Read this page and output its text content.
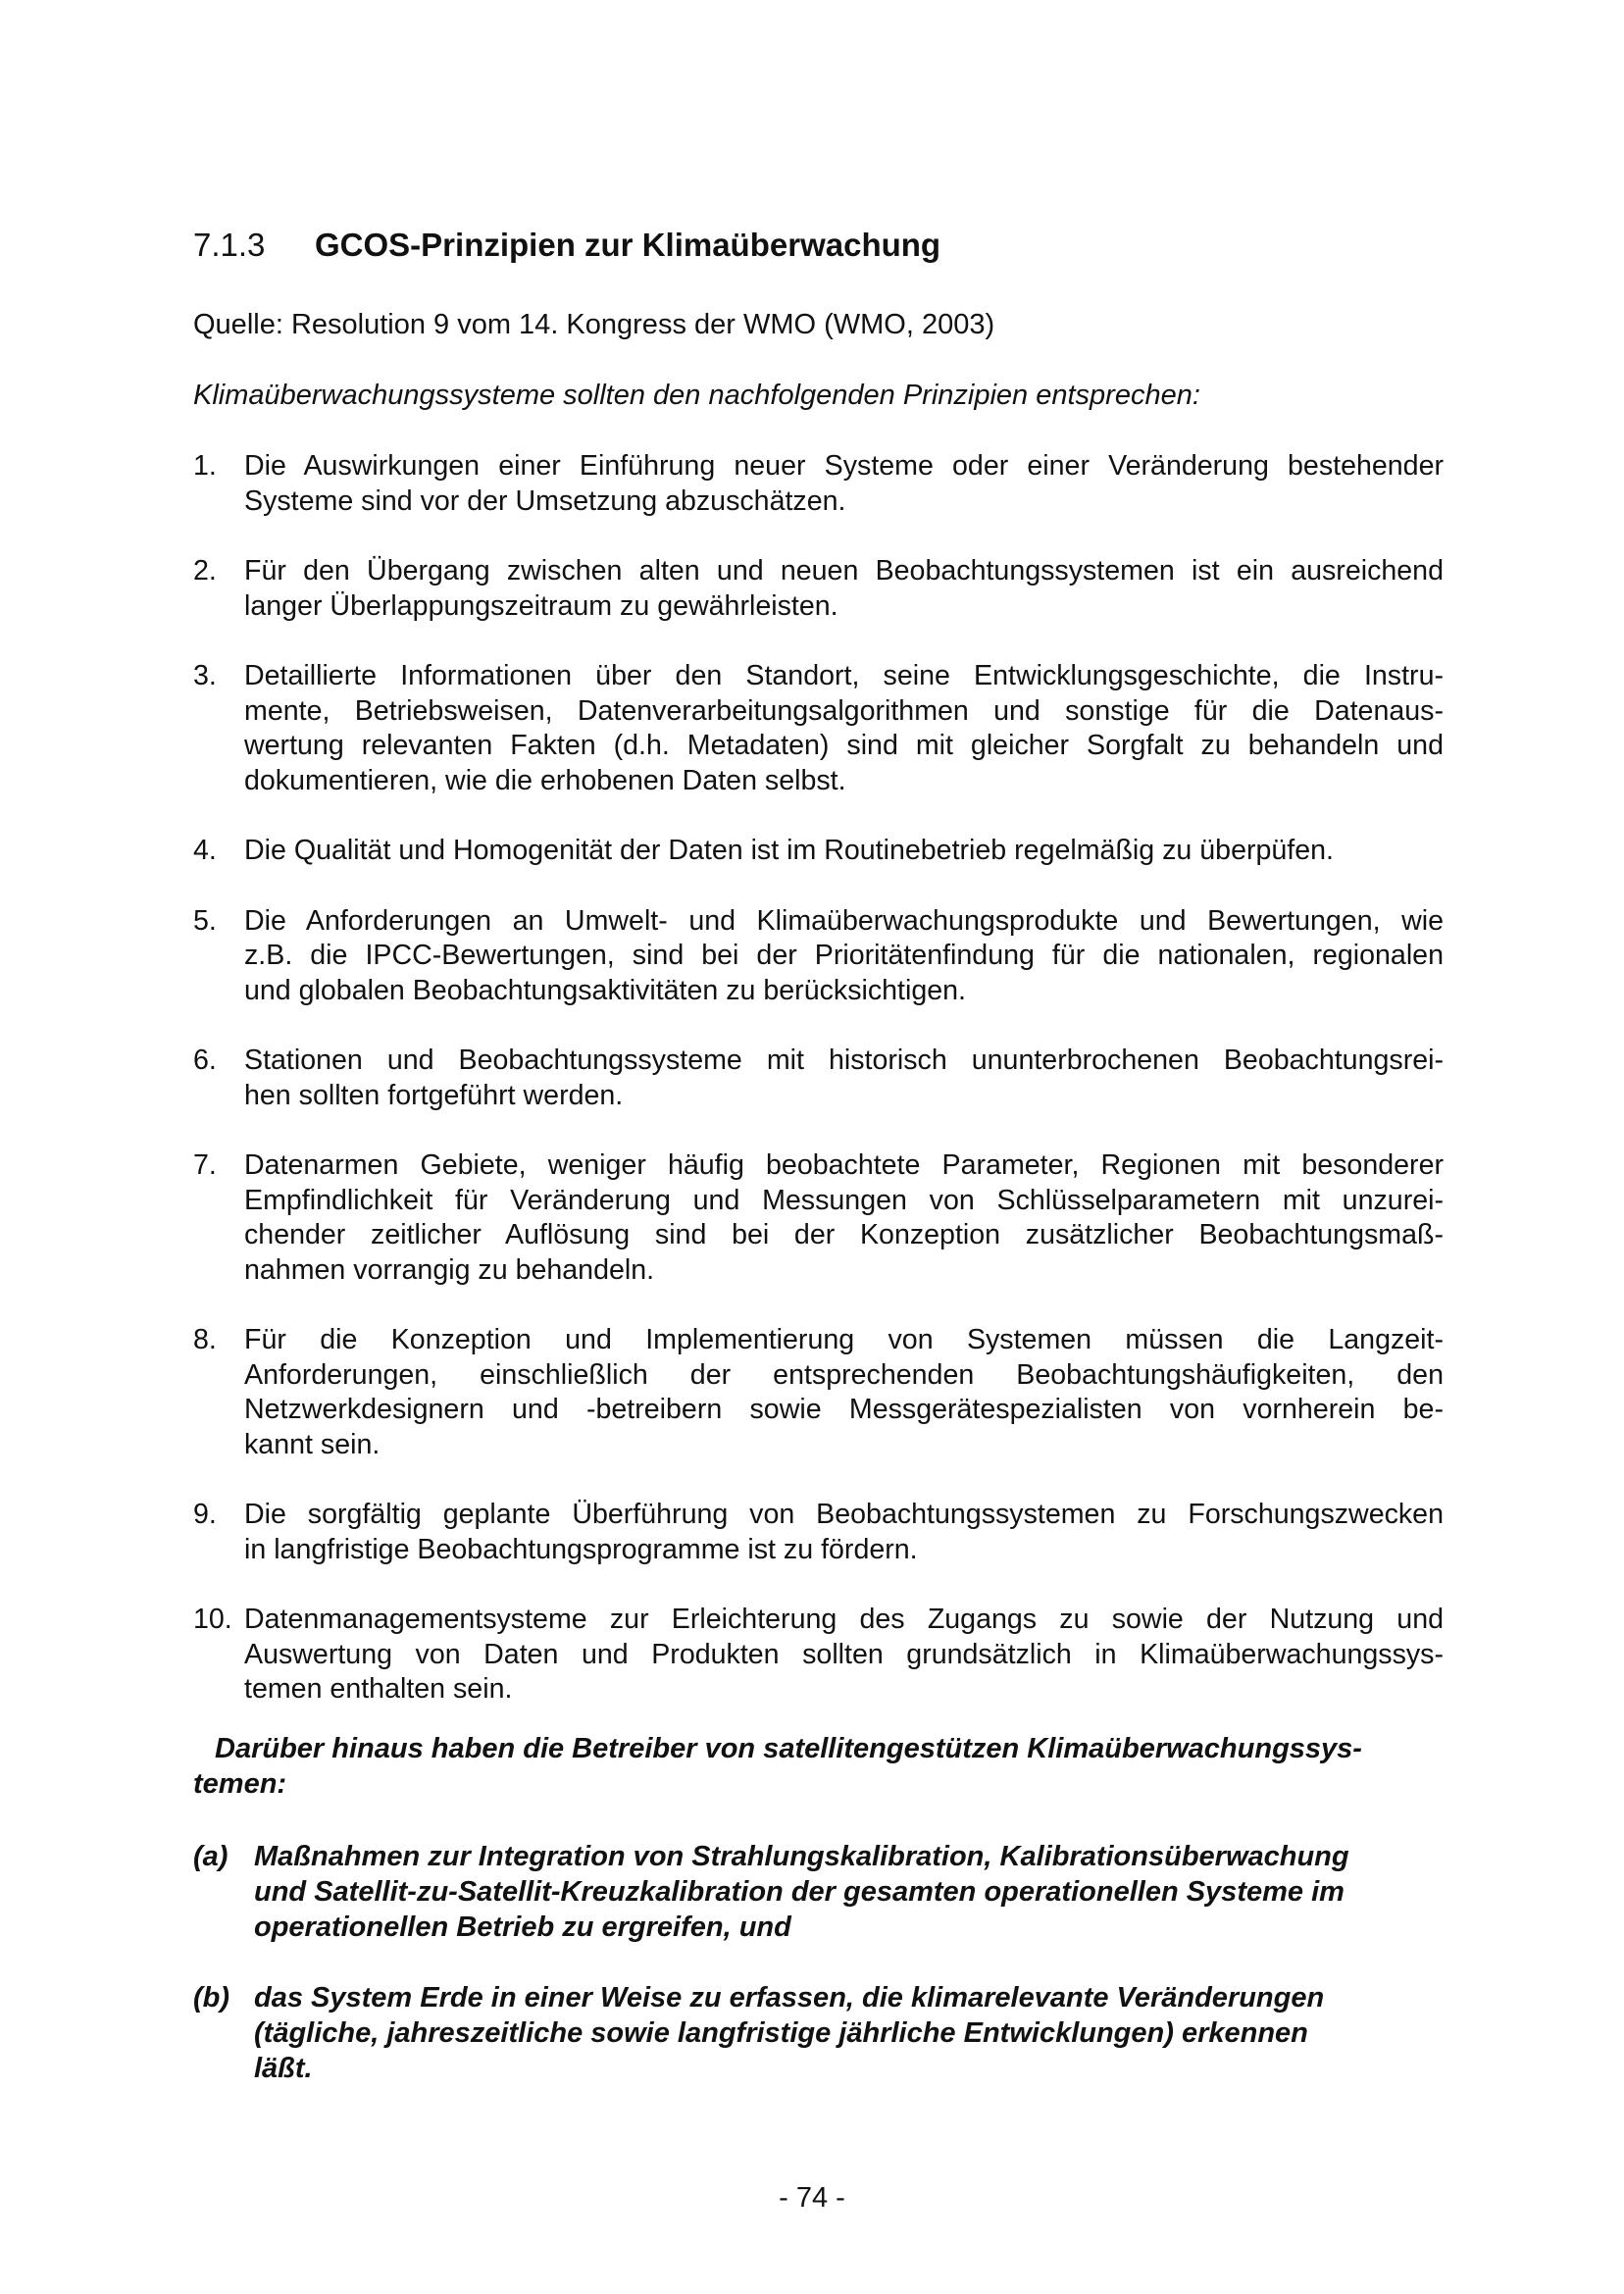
7.1.3 GCOS-Prinzipien zur Klimaüberwachung
Quelle: Resolution 9 vom 14. Kongress der WMO (WMO, 2003)
Klimaüberwachungssysteme sollten den nachfolgenden Prinzipien entsprechen:
1. Die Auswirkungen einer Einführung neuer Systeme oder einer Veränderung bestehender
Systeme sind vor der Umsetzung abzuschätzen.
2. Für den Übergang zwischen alten und neuen Beobachtungssystemen ist ein ausreichend
langer Überlappungszeitraum zu gewährleisten.
3. Detaillierte Informationen über den Standort, seine Entwicklungsgeschichte, die Instru-
mente, Betriebsweisen, Datenverarbeitungsalgorithmen und sonstige für die Datenaus-
wertung relevanten Fakten (d.h. Metadaten) sind mit gleicher Sorgfalt zu behandeln und
dokumentieren, wie die erhobenen Daten selbst.
4. Die Qualität und Homogenität der Daten ist im Routinebetrieb regelmäßig zu überpüfen.
5. Die Anforderungen an Umwelt- und Klimaüberwachungsprodukte und Bewertungen, wie
z.B. die IPCC-Bewertungen, sind bei der Prioritätenfindung für die nationalen, regionalen
und globalen Beobachtungsaktivitäten zu berücksichtigen.
6. Stationen und Beobachtungssysteme mit historisch ununterbrochenen Beobachtungsrei-
hen sollten fortgeführt werden.
7. Datenarmen Gebiete, weniger häufig beobachtete Parameter, Regionen mit besonderer
Empfindlichkeit für Veränderung und Messungen von Schlüsselparametern mit unzurei-
chender zeitlicher Auflösung sind bei der Konzeption zusätzlicher Beobachtungsmaß-
nahmen vorrangig zu behandeln.
8. Für die Konzeption und Implementierung von Systemen müssen die Langzeit-
Anforderungen, einschließlich der entsprechenden Beobachtungshäufigkeiten, den
Netzwerkdesignern und -betreibern sowie Messgerätespezialisten von vornherein be-
kannt sein.
9. Die sorgfältig geplante Überführung von Beobachtungssystemen zu Forschungszwecken
in langfristige Beobachtungsprogramme ist zu fördern.
10. Datenmanagementsysteme zur Erleichterung des Zugangs zu sowie der Nutzung und
Auswertung von Daten und Produkten sollten grundsätzlich in Klimaüberwachungssys-
temen enthalten sein.
Darüber hinaus haben die Betreiber von satellitengestützen Klimaüberwachungssys-
temen:
(a) Maßnahmen zur Integration von Strahlungskalibration, Kalibrationsüberwachung
und Satellit-zu-Satellit-Kreuzkalibration der gesamten operationellen Systeme im
operationellen Betrieb zu ergreifen, und
(b) das System Erde in einer Weise zu erfassen, die klimarelevante Veränderungen
(tägliche, jahreszeitliche sowie langfristige jährliche Entwicklungen) erkennen
läßt.
- 74 -
